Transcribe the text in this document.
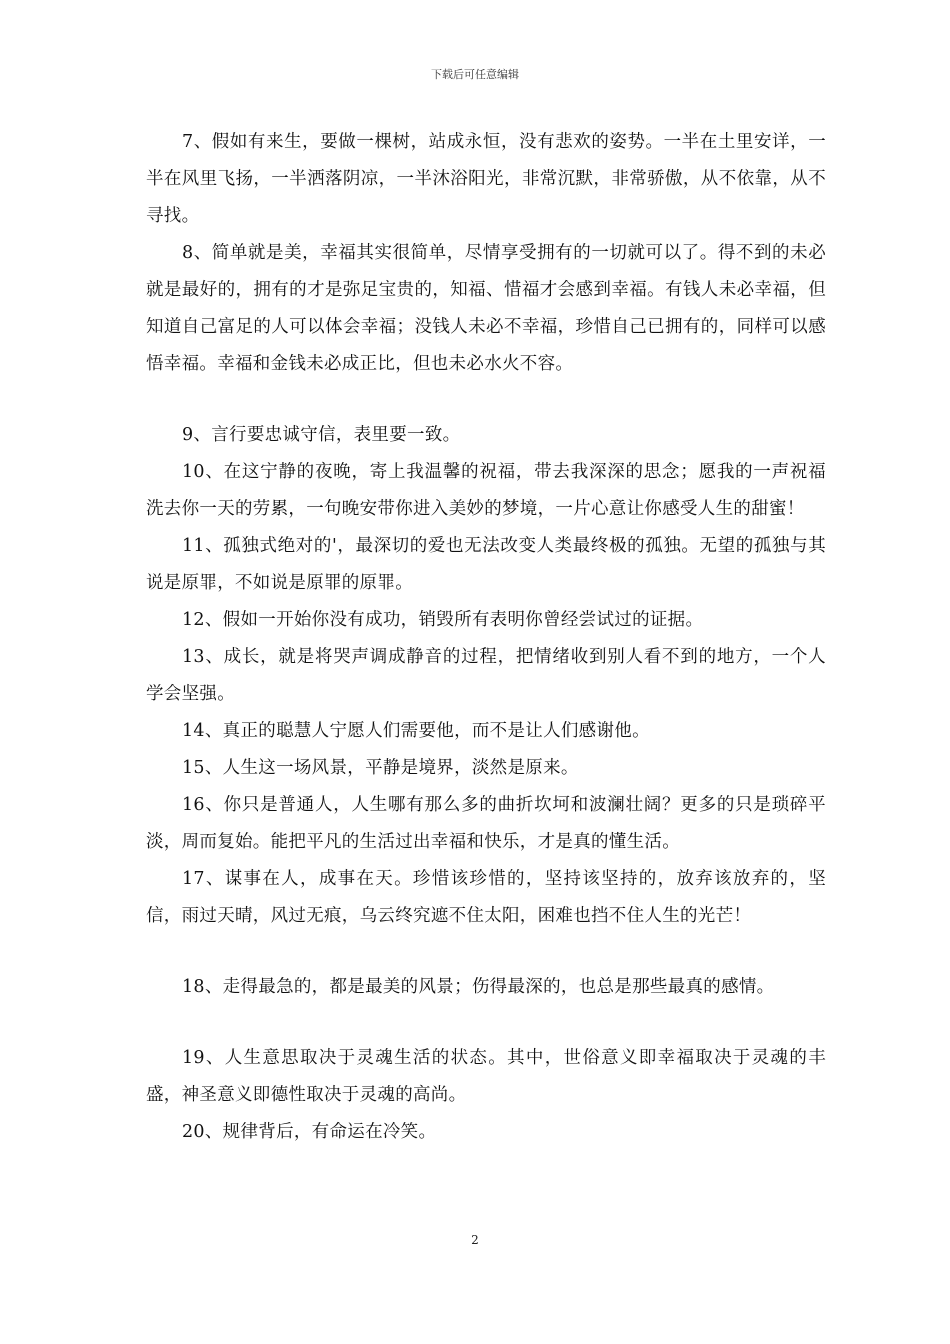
下载后可任意编辑

7、假如有来生，要做一棵树，站成永恒，没有悲欢的姿势。一半在土里安详，一半在风里飞扬，一半洒落阴凉，一半沐浴阳光，非常沉默，非常骄傲，从不依靠，从不寻找。

8、简单就是美，幸福其实很简单，尽情享受拥有的一切就可以了。得不到的未必就是最好的，拥有的才是弥足宝贵的，知福、惜福才会感到幸福。有钱人未必幸福，但知道自己富足的人可以体会幸福；没钱人未必不幸福，珍惜自己已拥有的，同样可以感悟幸福。幸福和金钱未必成正比，但也未必水火不容。

9、言行要忠诚守信，表里要一致。

10、在这宁静的夜晚，寄上我温馨的祝福，带去我深深的思念；愿我的一声祝福洗去你一天的劳累，一句晚安带你进入美妙的梦境，一片心意让你感受人生的甜蜜！

11、孤独式绝对的'，最深切的爱也无法改变人类最终极的孤独。无望的孤独与其说是原罪，不如说是原罪的原罪。

12、假如一开始你没有成功，销毁所有表明你曾经尝试过的证据。

13、成长，就是将哭声调成静音的过程，把情绪收到别人看不到的地方，一个人学会坚强。

14、真正的聪慧人宁愿人们需要他，而不是让人们感谢他。

15、人生这一场风景，平静是境界，淡然是原来。

16、你只是普通人，人生哪有那么多的曲折坎坷和波澜壮阔？更多的只是琐碎平淡，周而复始。能把平凡的生活过出幸福和快乐，才是真的懂生活。

17、谋事在人，成事在天。珍惜该珍惜的，坚持该坚持的，放弃该放弃的，坚信，雨过天晴，风过无痕，乌云终究遮不住太阳，困难也挡不住人生的光芒！

18、走得最急的，都是最美的风景；伤得最深的，也总是那些最真的感情。

19、人生意思取决于灵魂生活的状态。其中，世俗意义即幸福取决于灵魂的丰盛，神圣意义即德性取决于灵魂的高尚。

20、规律背后，有命运在冷笑。

2
